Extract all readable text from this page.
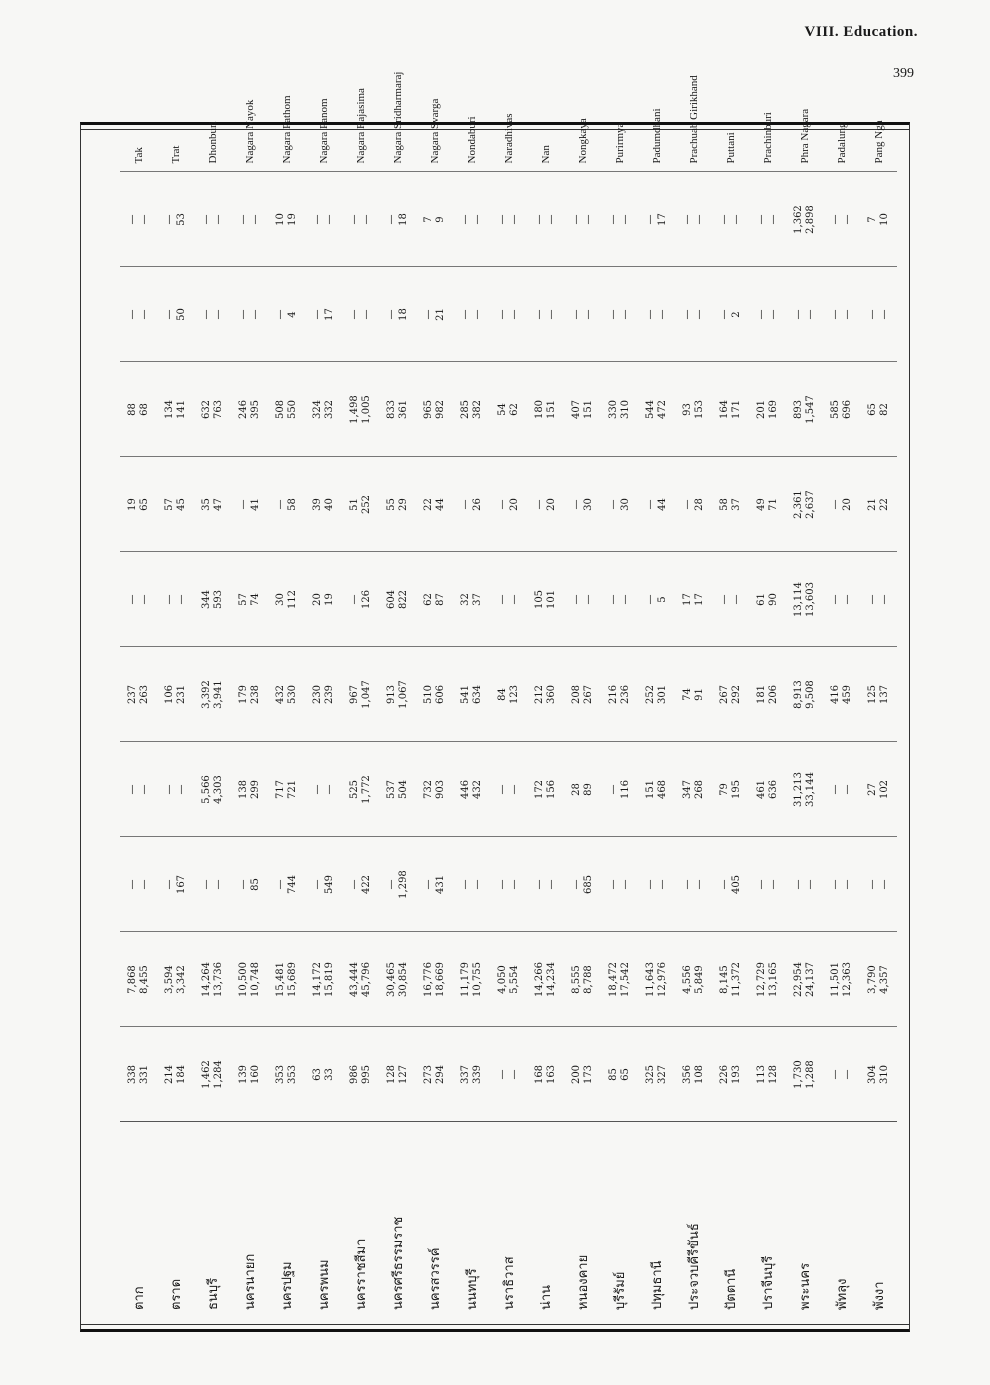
VIII. Education.
399
ตาก	338 331	7,868 8,455	— —	— —	237 263	— —	19 65	88 68	— —	— —	Tak
ตราด	214 184	3,594 3,342	— 167	— —	106 231	— —	57 45	134 141	— 50	— 53	Trat
ธนบุรี	1,462 1,284	14,264 13,736	— —	5,566 4,303	3,392 3,941	344 593	35 47	632 763	— —	— —	Dhonburi
นครนายก	139 160	10,500 10,748	— 85	138 299	179 238	57 74	— 41	246 395	— —	— —	Nagara Nayok
นครปฐม	353 353	15,481 15,689	— 744	717 721	432 530	30 112	— 58	508 550	— 4	10 19	Nagara Pathom
นครพนม	63 33	14,172 15,819	— 549	— —	230 239	20 19	39 40	324 332	— 17	— —	Nagara Panom
นครราชสีมา	986 995	43,444 45,796	— 422	525 1,772	967 1,047	— 126	51 252	1,498 1,005	— —	— —	Nagara Rajasima
นครศรีธรรมราช	128 127	30,465 30,854	— 1,298	537 504	913 1,067	604 822	55 29	833 361	— 18	— 18	Nagara Sridharmaraj
นครสวรรค์	273 294	16,776 18,669	— 431	732 903	510 606	62 87	22 44	965 982	— 21	7 9	Nagara Svarga
นนทบุรี	337 339	11,179 10,755	— —	446 432	541 634	32 37	— 26	285 382	— —	— —	Nondaburi
นราธิวาส	— —	4,050 5,554	— —	— —	84 123	— —	— 20	54 62	— —	— —	Naradhivas
น่าน	168 163	14,266 14,234	— —	172 156	212 360	105 101	— 20	180 151	— —	— —	Nan
หนองคาย	200 173	8,555 8,788	— 685	28 89	208 267	— —	— 30	407 151	— —	— —	Nongkaya
บุรีรัมย์	85 65	18,472 17,542	— —	— 116	216 236	— —	— 30	330 310	— —	— —	Purirmya
ปทุมธานี	325 327	11,643 12,976	— —	151 468	252 301	— 5	— 44	544 472	— —	— 17	Padumdhani
ประจวบคีรีขันธ์	356 108	4,556 5,849	— —	347 268	74 91	17 17	— 28	93 153	— —	— —	Prachuab Girikhand
ปัตตานี	226 193	8,145 11,372	— 405	79 195	267 292	— —	58 37	164 171	— 2	— —	Puttani
ปราจีนบุรี	113 128	12,729 13,165	— —	461 636	181 206	61 90	49 71	201 169	— —	— —	Prachinburi
พระนคร	1,730 1,288	22,954 24,137	— —	31,213 33,144	8,913 9,508	13,114 13,603	2,361 2,637	893 1,547	— —	1,362 2,898	Phra Nagara
พัทลุง	— —	11,501 12,363	— —	— —	416 459	— —	— 20	585 696	— —	— —	Padalung
พังงา	304 310	3,790 4,357	— —	27 102	125 137	— —	21 22	65 82	— —	7 10	Pang Nga
